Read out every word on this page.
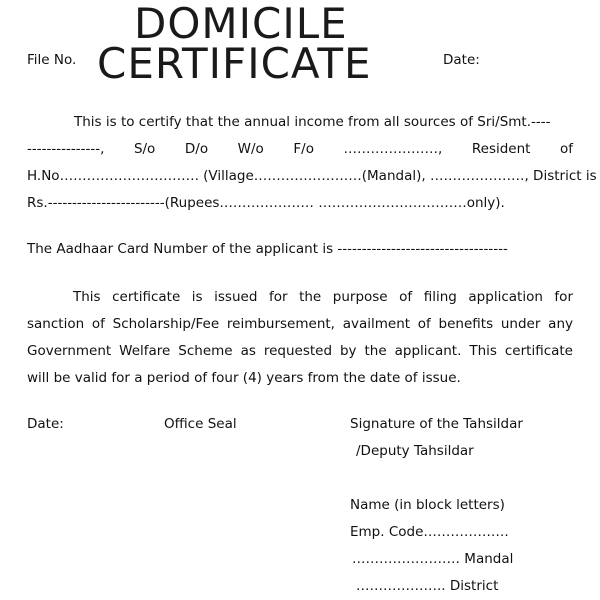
DOMICILE
CERTIFICATE
File No.	Date:
This is to certify that the annual income from all sources of Sri/Smt.----
---------------, S/o D/o W/o F/o …………………, Resident of
H.No…………………………. (Village……………………(Mandal), …………………, District is
Rs.------------------------(Rupees………………… ……………………………only).
The Aadhaar Card Number of the applicant is -----------------------------------
This certificate is issued for the purpose of filing application for
sanction of Scholarship/Fee reimbursement, availment of benefits under any
Government Welfare Scheme as requested by the applicant. This certificate
will be valid for a period of four (4) years from the date of issue.
Date:	Office Seal	Signature of the Tahsildar
/Deputy Tahsildar
Name (in block letters)
Emp. Code……………….
…………………… Mandal
……………….. District
